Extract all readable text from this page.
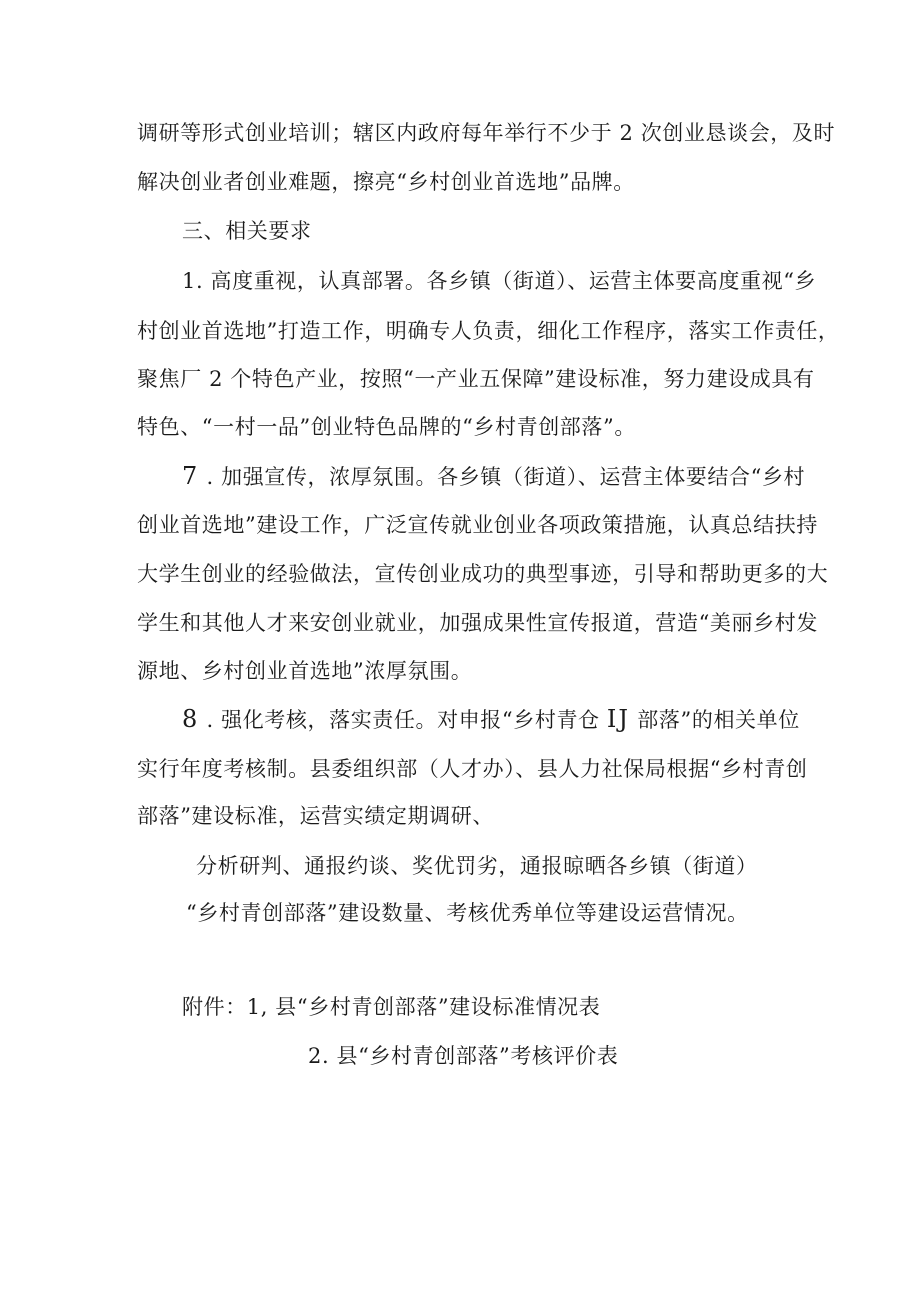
调研等形式创业培训；辖区内政府每年举行不少于 2 次创业恳谈会，及时
解决创业者创业难题，擦亮“乡村创业首选地”品牌。
三、相关要求
1. 高度重视，认真部署。各乡镇（街道）、运营主体要高度重视“乡
村创业首选地”打造工作，明确专人负责，细化工作程序，落实工作责任，
聚焦厂 2 个特色产业，按照“一产业五保障”建设标准，努力建设成具有
特色、“一村一品”创业特色品牌的“乡村青创部落”。
7 . 加强宣传，浓厚氛围。各乡镇（街道）、运营主体要结合“乡村
创业首选地”建设工作，广泛宣传就业创业各项政策措施，认真总结扶持
大学生创业的经验做法，宣传创业成功的典型事迹，引导和帮助更多的大
学生和其他人才来安创业就业，加强成果性宣传报道，营造“美丽乡村发
源地、乡村创业首选地”浓厚氛围。
8 . 强化考核，落实责任。对申报“乡村青仓 IJ 部落”的相关单位
实行年度考核制。县委组织部（人才办）、县人力社保局根据“乡村青创
部落”建设标准，运营实绩定期调研、
分析研判、通报约谈、奖优罚劣，通报晾晒各乡镇（街道）
“乡村青创部落”建设数量、考核优秀单位等建设运营情况。
附件：1, 县“乡村青创部落”建设标准情况表
2. 县“乡村青创部落”考核评价表
